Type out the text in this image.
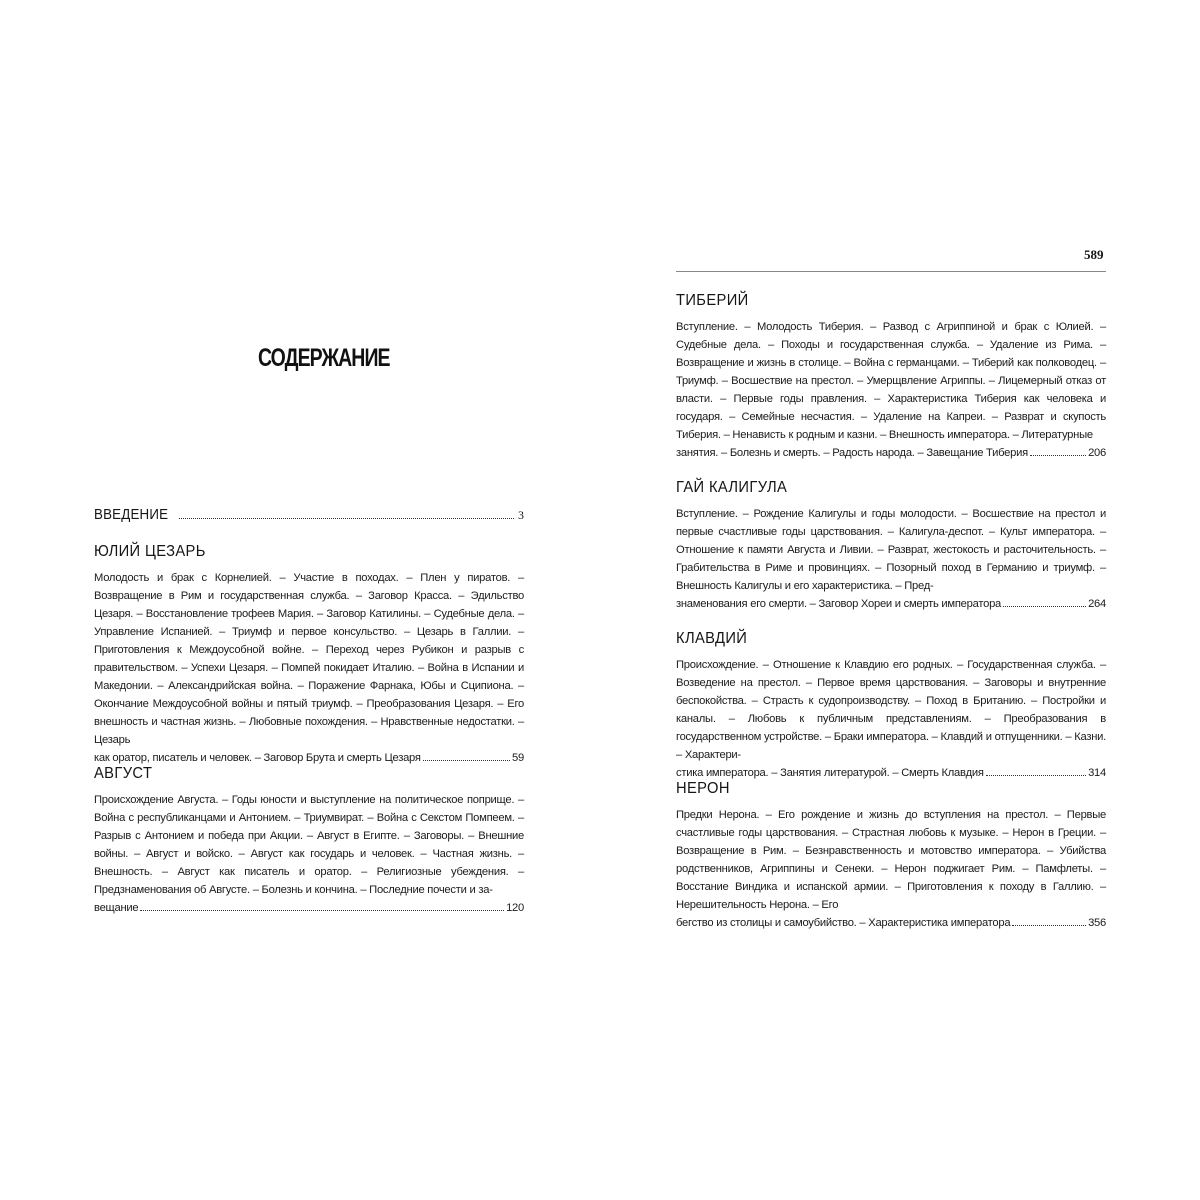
СОДЕРЖАНИЕ
ВВЕДЕНИЕ	3
ЮЛИЙ ЦЕЗАРЬ
Молодость и брак с Корнелией. – Участие в походах. – Плен у пиратов. – Возвращение в Рим и государственная служба. – Заговор Красса. – Эдильство Цезаря. – Восстановление трофеев Мария. – Заговор Катилины. – Судебные дела. – Управление Испанией. – Триумф и первое консульство. – Цезарь в Галлии. – Приготовления к Междоусобной войне. – Переход через Рубикон и разрыв с правительством. – Успехи Цезаря. – Помпей покидает Италию. – Война в Испании и Македонии. – Александрийская война. – Поражение Фарнака, Юбы и Сципиона. – Окончание Междоусобной войны и пятый триумф. – Преобразования Цезаря. – Его внешность и частная жизнь. – Любовные похождения. – Нравственные недостатки. – Цезарь
как оратор, писатель и человек. – Заговор Брута и смерть Цезаря	59
АВГУСТ
Происхождение Августа. – Годы юности и выступление на политическое поприще. – Война с республиканцами и Антонием. – Триумвират. – Война с Секстом Помпеем. – Разрыв с Антонием и победа при Акции. – Август в Египте. – Заговоры. – Внешние войны. – Август и войско. – Август как государь и человек. – Частная жизнь. – Внешность. – Август как писатель и оратор. – Религиозные убеждения. – Предзнаменования об Августе. – Болезнь и кончина. – Последние почести и за-
вещание	120
589
ТИБЕРИЙ
Вступление. – Молодость Тиберия. – Развод с Агриппиной и брак с Юлией. – Судебные дела. – Походы и государственная служба. – Удаление из Рима. – Возвращение и жизнь в столице. – Война с германцами. – Тиберий как полководец. – Триумф. – Восшествие на престол. – Умерщвление Агриппы. – Лицемерный отказ от власти. – Первые годы правления. – Характеристика Тиберия как человека и государя. – Семейные несчастия. – Удаление на Капреи. – Разврат и скупость Тиберия. – Ненависть к родным и казни. – Внешность императора. – Литературные
занятия. – Болезнь и смерть. – Радость народа. – Завещание Тиберия	206
ГАЙ КАЛИГУЛА
Вступление. – Рождение Калигулы и годы молодости. – Восшествие на престол и первые счастливые годы царствования. – Калигула-деспот. – Культ императора. – Отношение к памяти Августа и Ливии. – Разврат, жестокость и расточительность. – Грабительства в Риме и провинциях. – Позорный поход в Германию и триумф. – Внешность Калигулы и его характеристика. – Пред-
знаменования его смерти. – Заговор Хореи и смерть императора	264
КЛАВДИЙ
Происхождение. – Отношение к Клавдию его родных. – Государственная служба. – Возведение на престол. – Первое время царствования. – Заговоры и внутренние беспокойства. – Страсть к судопроизводству. – Поход в Британию. – Постройки и каналы. – Любовь к публичным представлениям. – Преобразования в государственном устройстве. – Браки императора. – Клавдий и отпущенники. – Казни. – Характери-
стика императора. – Занятия литературой. – Смерть Клавдия	314
НЕРОН
Предки Нерона. – Его рождение и жизнь до вступления на престол. – Первые счастливые годы царствования. – Страстная любовь к музыке. – Нерон в Греции. – Возвращение в Рим. – Безнравственность и мотовство императора. – Убийства родственников, Агриппины и Сенеки. – Нерон поджигает Рим. – Памфлеты. – Восстание Виндика и испанской армии. – Приготовления к походу в Галлию. – Нерешительность Нерона. – Его
бегство из столицы и самоубийство. – Характеристика императора	356
